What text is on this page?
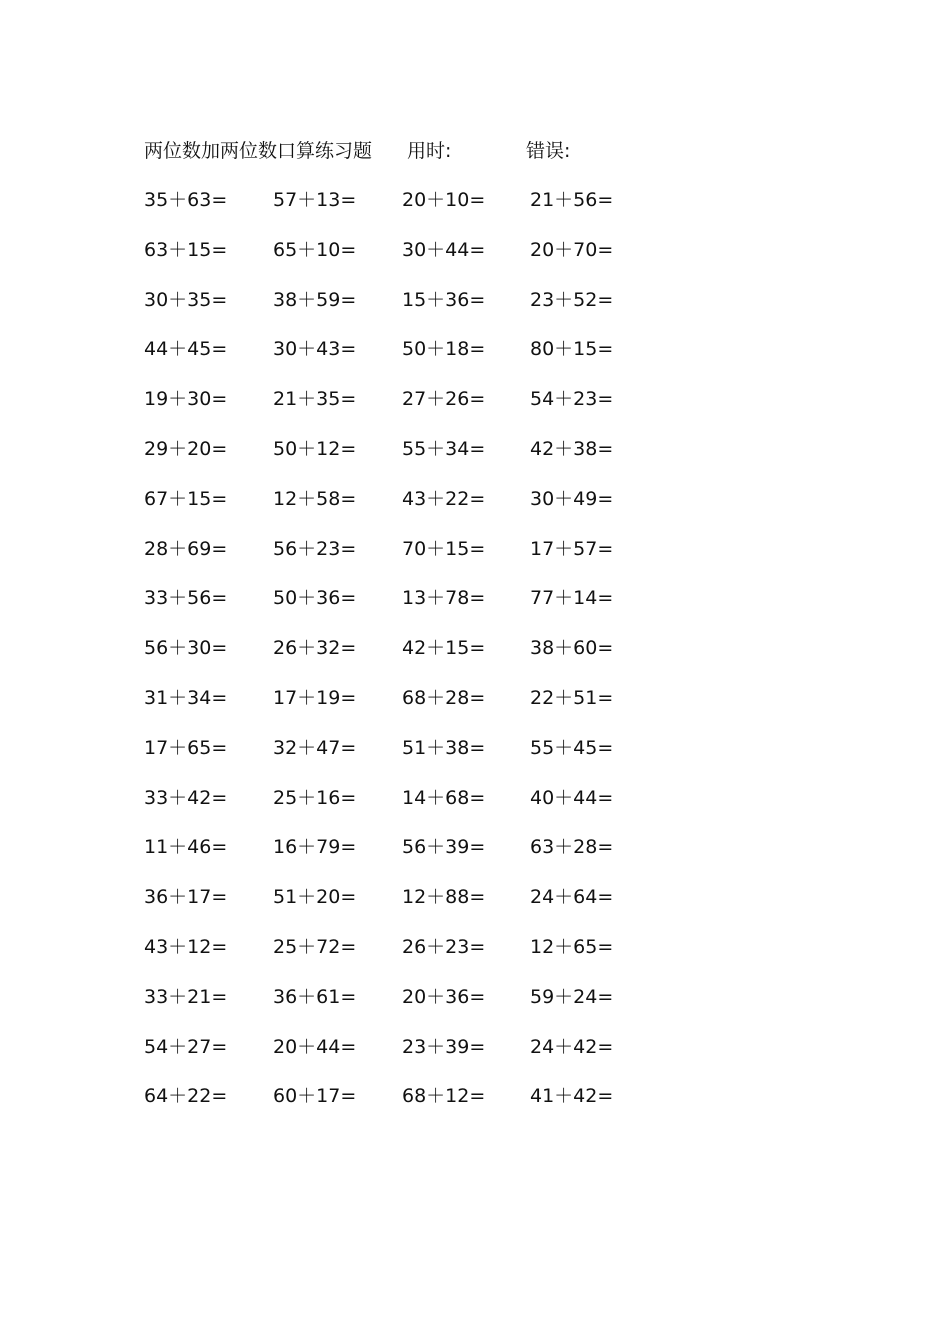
两位数加两位数口算练习题 用时:	错误:
35＋63= 57＋13= 20＋10= 21＋56=
63＋15= 65＋10= 30＋44= 20＋70=
30＋35= 38＋59= 15＋36= 23＋52=
44＋45= 30＋43= 50＋18= 80＋15=
19＋30= 21＋35= 27＋26= 54＋23=
29＋20= 50＋12= 55＋34= 42＋38=
67＋15= 12＋58= 43＋22= 30＋49=
28＋69= 56＋23= 70＋15= 17＋57=
33＋56= 50＋36= 13＋78= 77＋14=
56＋30= 26＋32= 42＋15= 38＋60=
31＋34= 17＋19= 68＋28= 22＋51=
17＋65= 32＋47= 51＋38= 55＋45=
33＋42= 25＋16= 14＋68= 40＋44=
11＋46= 16＋79= 56＋39= 63＋28=
36＋17= 51＋20= 12＋88= 24＋64=
43＋12= 25＋72= 26＋23= 12＋65=
33＋21= 36＋61= 20＋36= 59＋24=
54＋27= 20＋44= 23＋39= 24＋42=
64＋22= 60＋17= 68＋12= 41＋42=
